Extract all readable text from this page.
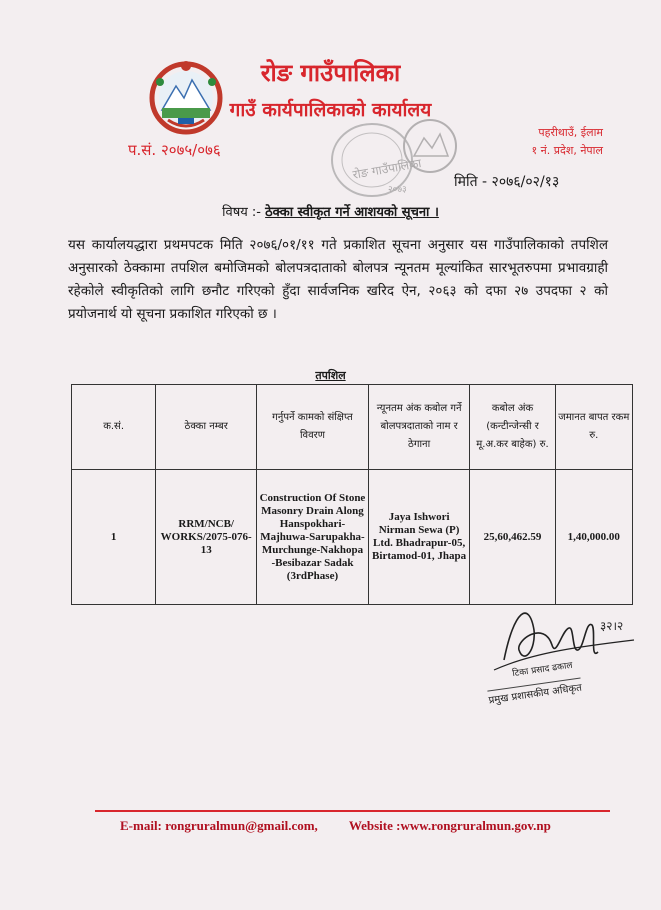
रोङ गाउँपालिका
गाउँ कार्यपालिकाको कार्यालय
प.सं. २०७५/०७६
पहरीथाउँ, ईलाम
१ नं. प्रदेश, नेपाल
रोङ गाउँपालिका
२०७३	मिति - २०७६/०२/१३
विषय :- ठेक्का स्वीकृत गर्ने आशयको सूचना ।
यस कार्यालयद्धारा प्रथमपटक मिति २०७६/०१/११ गते प्रकाशित सूचना अनुसार यस गाउँपालिकाको तपशिल अनुसारको ठेक्कामा तपशिल बमोजिमको बोलपत्रदाताको बोलपत्र न्यूनतम मूल्यांकित सारभूतरुपमा प्रभावग्राही रहेकोले स्वीकृतिको लागि छनौट गरिएको हुँदा सार्वजनिक खरिद ऐन, २०६३ को दफा २७ उपदफा २ को प्रयोजनार्थ यो सूचना प्रकाशित गरिएको छ ।
तपशिल
क.सं.	ठेक्का नम्बर	गर्नुपर्ने कामको संक्षिप्त विवरण	न्यूनतम अंक कबोल गर्ने बोलपत्रदाताको नाम र ठेगाना	कबोल अंक (कन्टीन्जेन्सी र मू.अ.कर बाहेक) रु.	जमानत बापत रकम रु.
1	RRM/NCB/ WORKS/2075-076-13	Construction Of Stone Masonry Drain Along Hanspokhari-Majhuwa-Sarupakha-Murchunge-Nakhopa -Besibazar Sadak (3rdPhase)	Jaya Ishwori Nirman Sewa (P) Ltd. Bhadrapur-05, Birtamod-01, Jhapa	25,60,462.59	1,40,000.00
३२।२
टिका प्रसाद ढकाल
प्रमुख प्रशासकीय अधिकृत
E-mail: rongruralmun@gmail.com, Website :www.rongruralmun.gov.np
